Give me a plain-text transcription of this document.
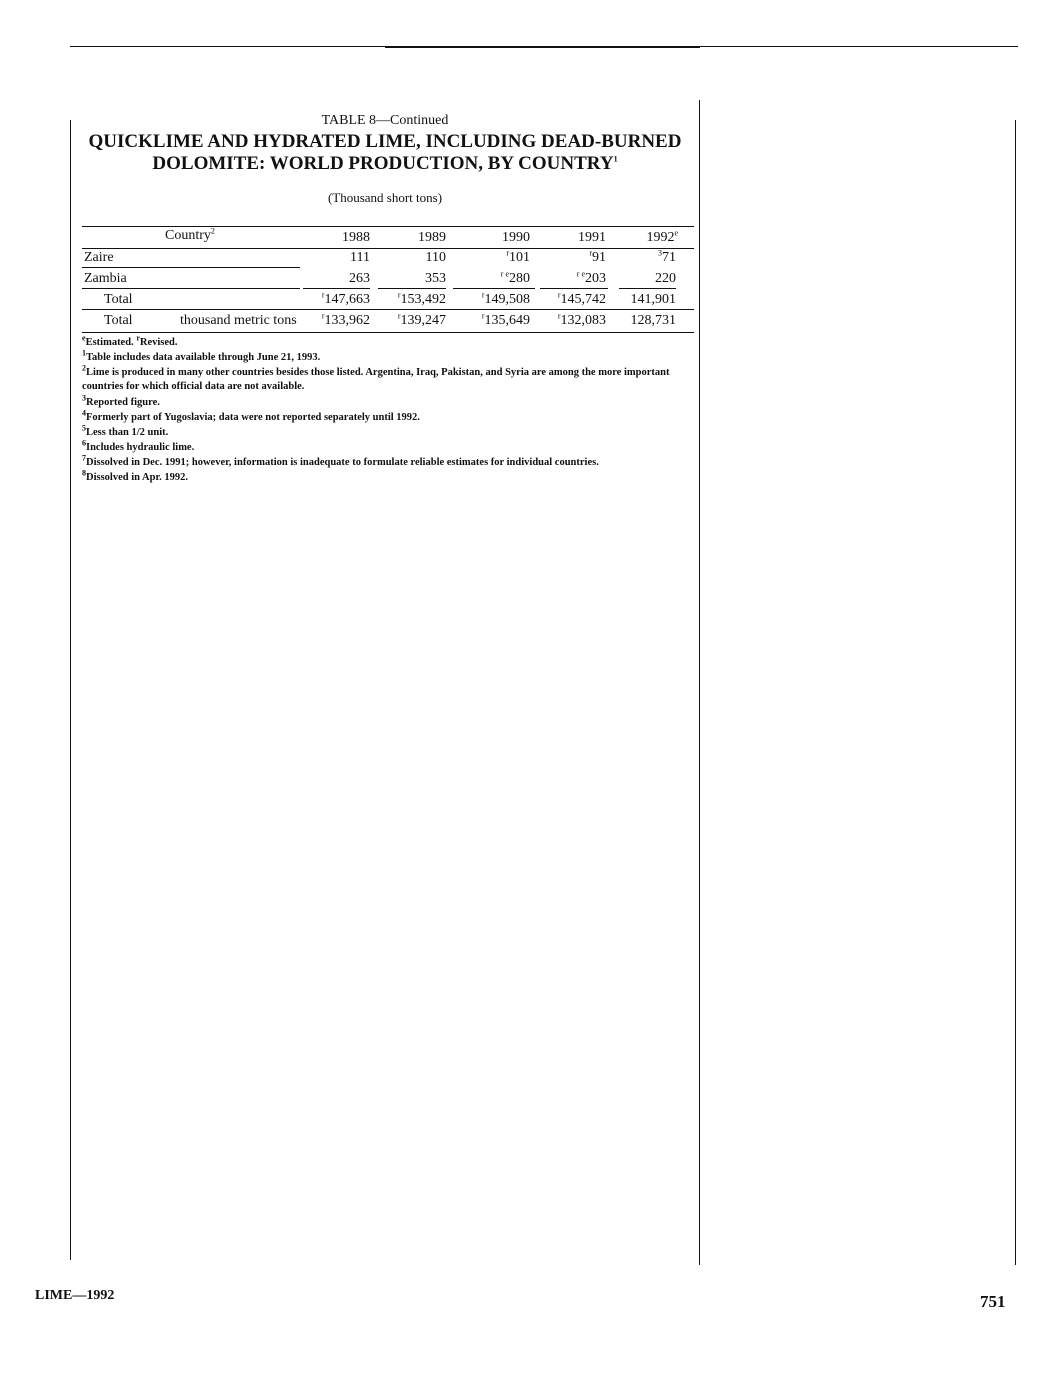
TABLE 8—Continued
QUICKLIME AND HYDRATED LIME, INCLUDING DEAD-BURNED
DOLOMITE: WORLD PRODUCTION, BY COUNTRY$^1$
(Thousand short tons)
Country$^2$	1988	1989	1990	1991	1992e
Zaire	111	110	$^r$101	$^r$91	$^3$71
Zambia	263	353	$^{r e}$280	$^{r e}$203	220
Total	$^r$147,663	$^r$153,492	$^r$149,508	$^r$145,742	141,901
Total	thousand metric tons	$^r$133,962	$^r$139,247	$^r$135,649	$^r$132,083	128,731
$^e$Estimated. $^r$Revised.
$^1$Table includes data available through June 21, 1993.
$^2$Lime is produced in many other countries besides those listed. Argentina, Iraq, Pakistan, and Syria are among the more important countries for which official data are not available.
$^3$Reported figure.
$^4$Formerly part of Yugoslavia; data were not reported separately until 1992.
$^5$Less than 1/2 unit.
$^6$Includes hydraulic lime.
$^7$Dissolved in Dec. 1991; however, information is inadequate to formulate reliable estimates for individual countries.
$^8$Dissolved in Apr. 1992.
LIME—1992	751
